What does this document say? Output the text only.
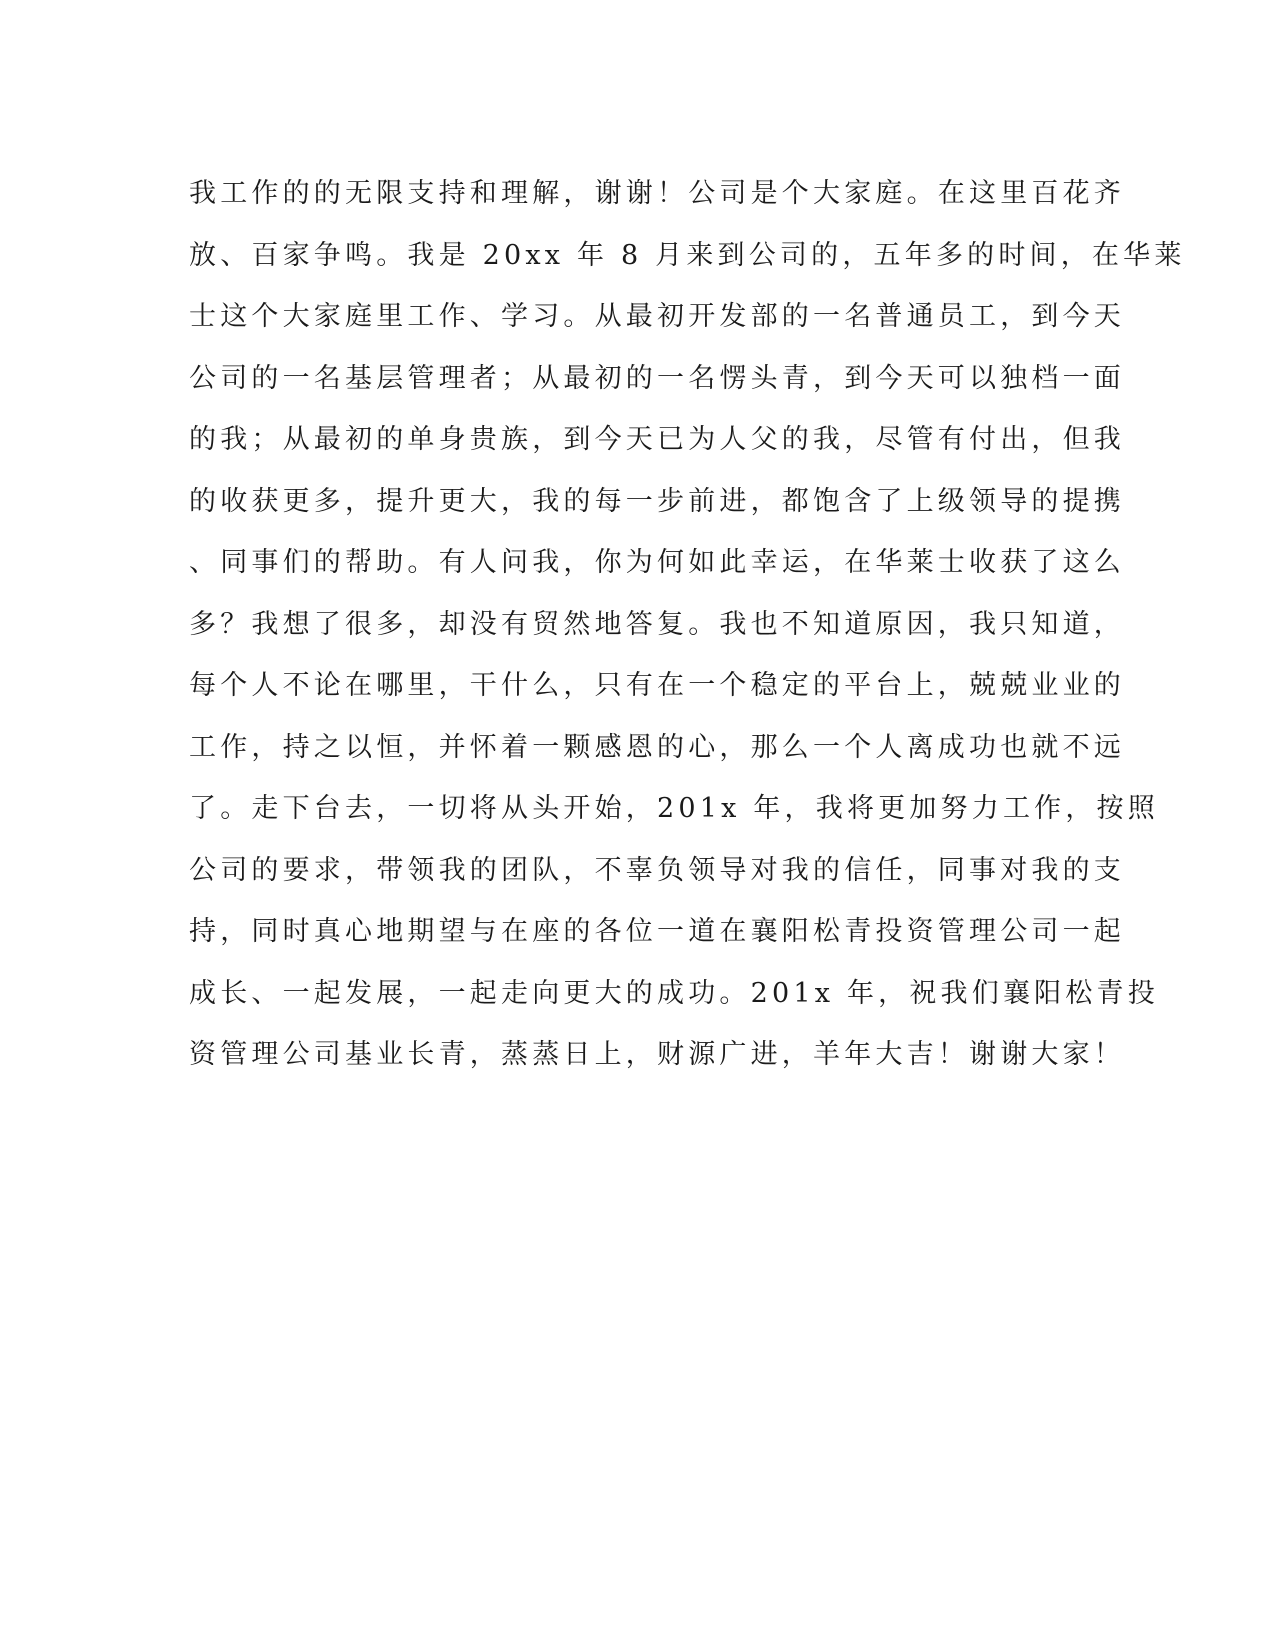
我工作的的无限支持和理解，谢谢！公司是个大家庭。在这里百花齐
放、百家争鸣。我是 20xx 年 8 月来到公司的，五年多的时间，在华莱
士这个大家庭里工作、学习。从最初开发部的一名普通员工，到今天
公司的一名基层管理者；从最初的一名愣头青，到今天可以独档一面
的我；从最初的单身贵族，到今天已为人父的我，尽管有付出，但我
的收获更多，提升更大，我的每一步前进，都饱含了上级领导的提携
、同事们的帮助。有人问我，你为何如此幸运，在华莱士收获了这么
多？我想了很多，却没有贸然地答复。我也不知道原因，我只知道，
每个人不论在哪里，干什么，只有在一个稳定的平台上，兢兢业业的
工作，持之以恒，并怀着一颗感恩的心，那么一个人离成功也就不远
了。走下台去，一切将从头开始，201x 年，我将更加努力工作，按照
公司的要求，带领我的团队，不辜负领导对我的信任，同事对我的支
持，同时真心地期望与在座的各位一道在襄阳松青投资管理公司一起
成长、一起发展，一起走向更大的成功。201x 年，祝我们襄阳松青投
资管理公司基业长青，蒸蒸日上，财源广进，羊年大吉！谢谢大家！
